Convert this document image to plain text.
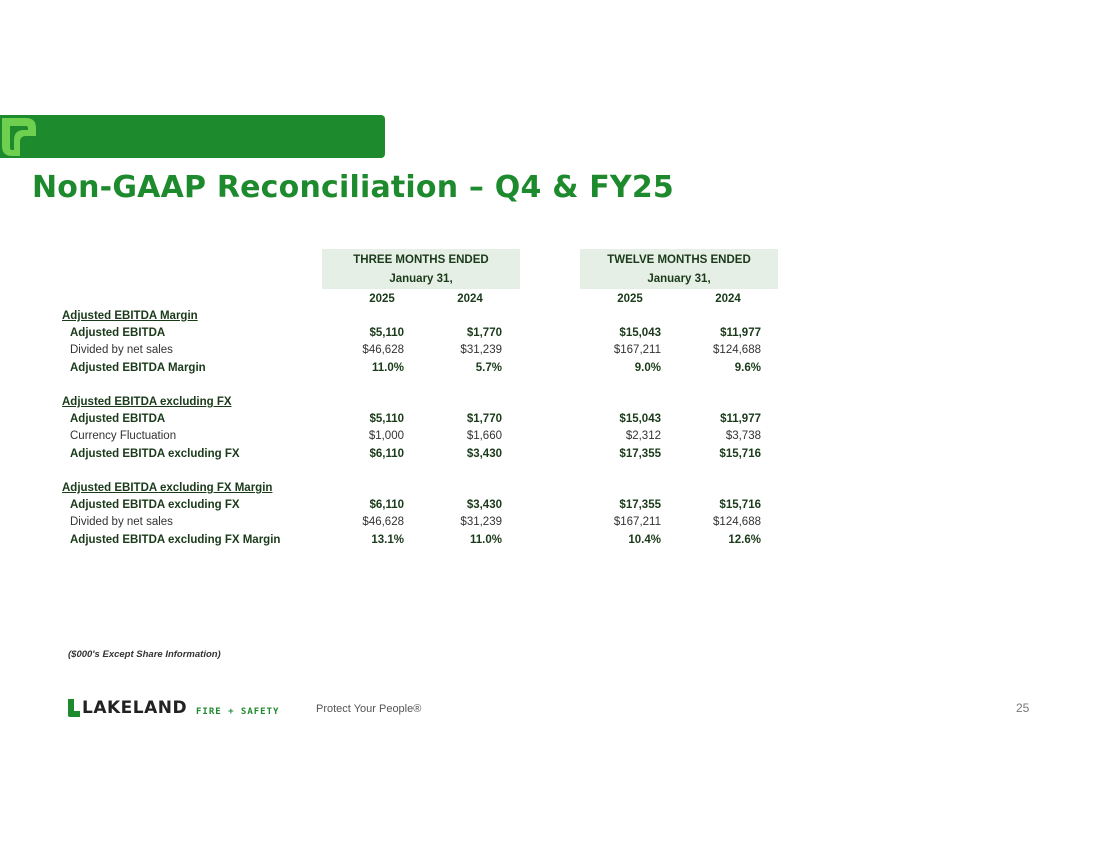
Non-GAAP Reconciliation – Q4 & FY25
THREE MONTHS ENDED
January 31,
2025	2024
TWELVE MONTHS ENDED
January 31,
2025	2024
Adjusted EBITDA Margin
Adjusted EBITDA	$5,110	$1,770	$15,043	$11,977
Divided by net sales	$46,628	$31,239	$167,211	$124,688
Adjusted EBITDA Margin	11.0%	5.7%	9.0%	9.6%
Adjusted EBITDA excluding FX
Adjusted EBITDA	$5,110	$1,770	$15,043	$11,977
Currency Fluctuation	$1,000	$1,660	$2,312	$3,738
Adjusted EBITDA excluding FX	$6,110	$3,430	$17,355	$15,716
Adjusted EBITDA excluding FX Margin
Adjusted EBITDA excluding FX	$6,110	$3,430	$17,355	$15,716
Divided by net sales	$46,628	$31,239	$167,211	$124,688
Adjusted EBITDA excluding FX Margin	13.1%	11.0%	10.4%	12.6%
($000's Except Share Information)
LAKELAND FIRE + SAFETY	Protect Your People®	25
